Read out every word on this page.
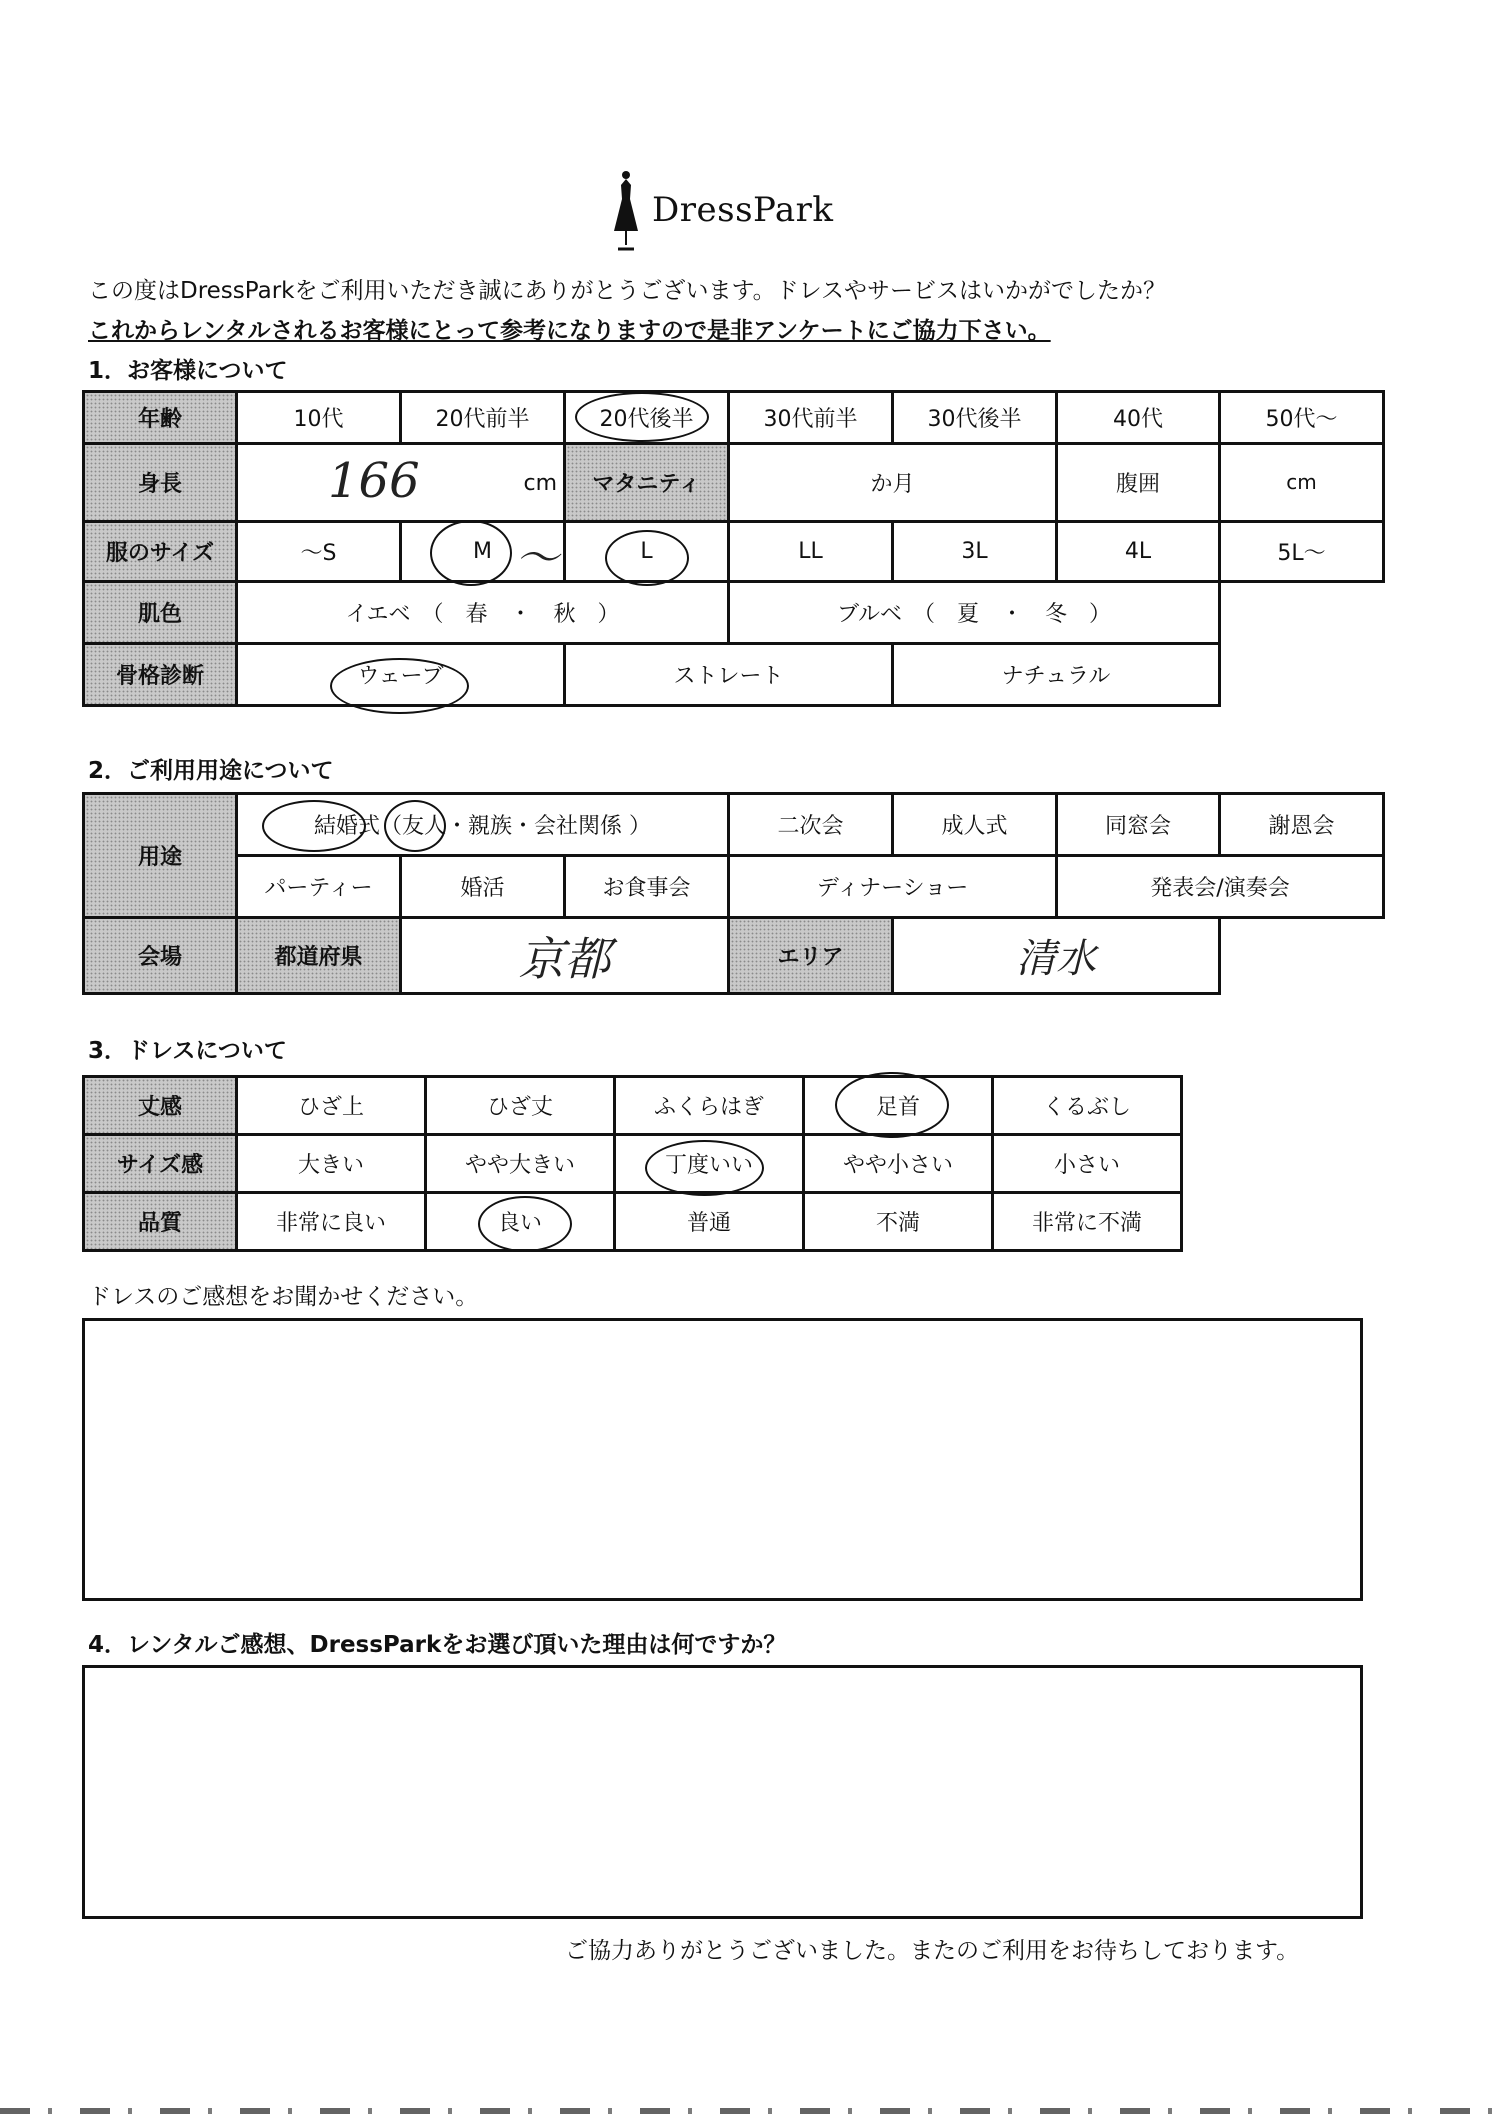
DressPark
この度はDressParkをご利用いただき誠にありがとうございます。ドレスやサービスはいかがでしたか？
これからレンタルされるお客様にとって参考になりますので是非アンケートにご協力下さい。
1．お客様について
年齢	10代	20代前半	20代後半	30代前半	30代後半	40代	50代～
身長	166 cm		マタニティ	か月		腹囲	cm
服のサイズ	～S	M	L	LL	3L	4L	5L～
肌色	イエベ　（　春　・　秋　）			ブルベ　（　夏　・　冬　）			
骨格診断	ウェーブ		ストレート		ナチュラル		
～
2．ご利用用途について
用途	結婚式（友人・親族・会社関係 ）			二次会	成人式	同窓会	謝恩会
	パーティー	婚活	お食事会	ディナーショー		発表会/演奏会	
会場	都道府県	京都		エリア	清水		
3．ドレスについて
丈感	ひざ上	ひざ丈	ふくらはぎ	足首	くるぶし
サイズ感	大きい	やや大きい	丁度いい	やや小さい	小さい
品質	非常に良い	良い	普通	不満	非常に不満
ドレスのご感想をお聞かせください。
4．レンタルご感想、DressParkをお選び頂いた理由は何ですか？
ご協力ありがとうございました。またのご利用をお待ちしております。
